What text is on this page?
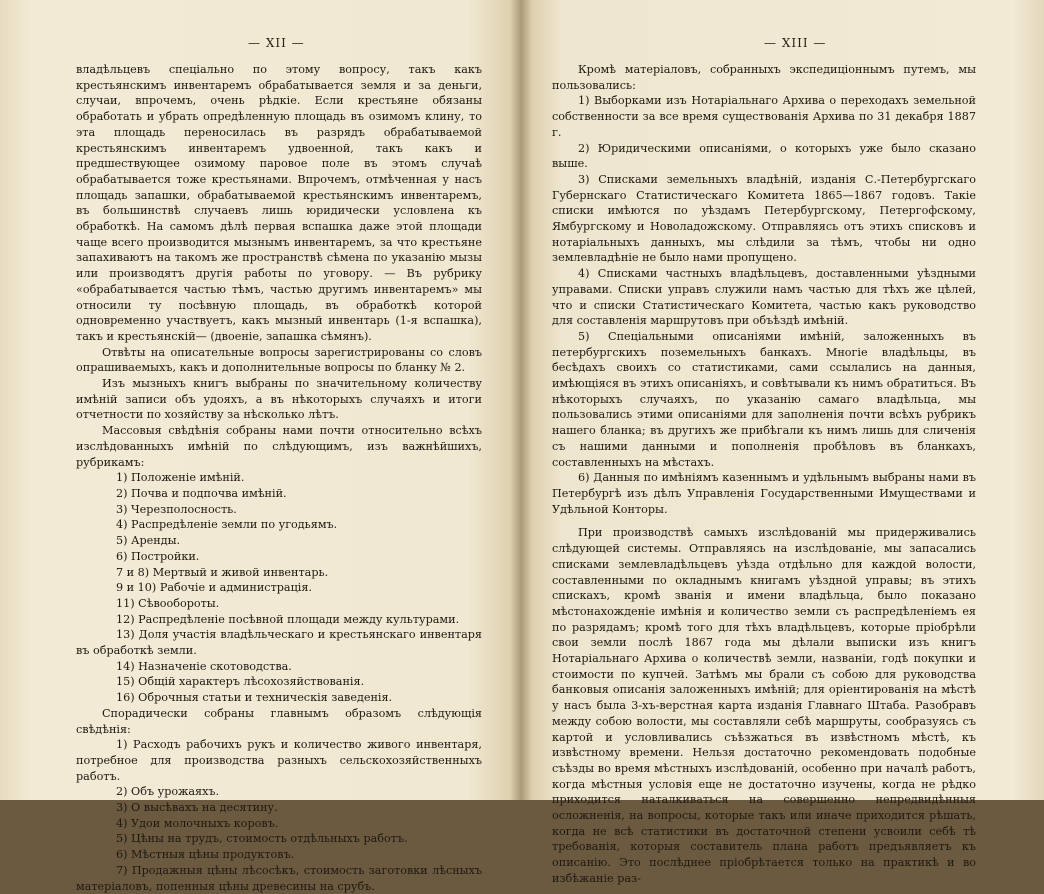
— XII —

владѣльцевъ спеціально по этому вопросу, такъ какъ крестьянскимъ инвентаремъ обрабатывается земля и за деньги, случаи, впрочемъ, очень рѣдкіе. Если крестьяне обязаны обработать и убрать опредѣленную площадь въ озимомъ клину, то эта площадь переносилась въ разрядъ обрабатываемой крестьянскимъ инвентаремъ удвоенной, такъ какъ и предшествующее озимому паровое поле въ этомъ случаѣ обрабатывается тоже крестьянами. Впрочемъ, отмѣченная у насъ площадь запашки, обрабатываемой крестьянскимъ инвентаремъ, въ большинствѣ случаевъ лишь юридически условлена къ обработкѣ. На самомъ дѣлѣ первая вспашка даже этой площади чаще всего производится мызнымъ инвентаремъ, за что крестьяне запахиваютъ на такомъ же пространствѣ сѣмена по указанію мызы или производятъ другія работы по уговору. — Въ рубрику «обрабатывается частью тѣмъ, частью другимъ инвентаремъ» мы относили ту посѣвную площадь, въ обработкѣ которой одновременно участвуетъ, какъ мызный инвентарь (1-я вспашка), такъ и крестьянскій— (двоеніе, запашка сѣмянъ).

Отвѣты на описательные вопросы зарегистрированы со словъ опрашиваемыхъ, какъ и дополнительные вопросы по бланку № 2.

Изъ мызныхъ книгъ выбраны по значительному количеству имѣній записи объ удояхъ, а въ нѣкоторыхъ случаяхъ и итоги отчетности по хозяйству за нѣсколько лѣтъ.

Массовыя свѣдѣнія собраны нами почти относительно всѣхъ изслѣдованныхъ имѣній по слѣдующимъ, изъ важнѣйшихъ, рубрикамъ:

1) Положеніе имѣній.

2) Почва и подпочва имѣній.

3) Черезполосность.

4) Распредѣленіе земли по угодьямъ.

5) Аренды.

6) Постройки.

7 и 8) Мертвый и живой инвентарь.

9 и 10) Рабочіе и администрація.

11) Сѣвообороты.

12) Распредѣленіе посѣвной площади между культурами.

13) Доля участія владѣльческаго и крестьянскаго инвентаря въ обработкѣ земли.

14) Назначеніе скотоводства.

15) Общій характеръ лѣсохозяйствованія.

16) Оброчныя статьи и техническія заведенія.

Спорадически собраны главнымъ образомъ слѣдующія свѣдѣнія:

1) Расходъ рабочихъ рукъ и количество живого инвентаря, потребное для производства разныхъ сельскохозяйственныхъ работъ.

2) Объ урожаяхъ.

3) О высѣвахъ на десятину.

4) Удои молочныхъ коровъ.

5) Цѣны на трудъ, стоимость отдѣльныхъ работъ.

6) Мѣстныя цѣны продуктовъ.

7) Продажныя цѣны лѣсосѣкъ, стоимость заготовки лѣсныхъ матеріаловъ, попенныя цѣны древесины на срубъ.

— XIII —

Кромѣ матеріаловъ, собранныхъ экспедиціоннымъ путемъ, мы пользовались:

1) Выборками изъ Нотаріальнаго Архива о переходахъ земельной собственности за все время существованія Архива по 31 декабря 1887 г.

2) Юридическими описаніями, о которыхъ уже было сказано выше.

3) Списками земельныхъ владѣній, изданія С.-Петербургскаго Губернскаго Статистическаго Комитета 1865—1867 годовъ. Такіе списки имѣются по уѣздамъ Петербургскому, Петергофскому, Ямбургскому и Новоладожскому. Отправляясь отъ этихъ списковъ и нотаріальныхъ данныхъ, мы слѣдили за тѣмъ, чтобы ни одно землевладѣніе не было нами пропущено.

4) Списками частныхъ владѣльцевъ, доставленными уѣздными управами. Списки управъ служили намъ частью для тѣхъ же цѣлей, что и списки Статистическаго Комитета, частью какъ руководство для составленія маршрутовъ при объѣздѣ имѣній.

5) Спеціальными описаніями имѣній, заложенныхъ въ петербургскихъ поземельныхъ банкахъ. Многіе владѣльцы, въ бесѣдахъ своихъ со статистиками, сами ссылались на данныя, имѣющіяся въ этихъ описаніяхъ, и совѣтывали къ нимъ обратиться. Въ нѣкоторыхъ случаяхъ, по указанію самаго владѣльца, мы пользовались этими описаніями для заполненія почти всѣхъ рубрикъ нашего бланка; въ другихъ же прибѣгали къ нимъ лишь для сличенія съ нашими данными и пополненія пробѣловъ въ бланкахъ, составленныхъ на мѣстахъ.

6) Данныя по имѣніямъ казеннымъ и удѣльнымъ выбраны нами въ Петербургѣ изъ дѣлъ Управленія Государственными Имуществами и Удѣльной Конторы.

При производствѣ самыхъ изслѣдованій мы придерживались слѣдующей системы. Отправляясь на изслѣдованіе, мы запасались списками землевладѣльцевъ уѣзда отдѣльно для каждой волости, составленными по окладнымъ книгамъ уѣздной управы; въ этихъ спискахъ, кромѣ званія и имени владѣльца, было показано мѣстонахожденіе имѣнія и количество земли съ распредѣленіемъ ея по разрядамъ; кромѣ того для тѣхъ владѣльцевъ, которые пріобрѣли свои земли послѣ 1867 года мы дѣлали выписки изъ книгъ Нотаріальнаго Архива о количествѣ земли, названіи, годѣ покупки и стоимости по купчей. Затѣмъ мы брали съ собою для руководства банковыя описанія заложенныхъ имѣній; для оріентированія на мѣстѣ у насъ была 3-хъ-верстная карта изданія Главнаго Штаба. Разобравъ между собою волости, мы составляли себѣ маршруты, сообразуясь съ картой и условливались съѣзжаться въ извѣстномъ мѣстѣ, къ извѣстному времени. Нельзя достаточно рекомендовать подобные съѣзды во время мѣстныхъ изслѣдованій, особенно при началѣ работъ, когда мѣстныя условія еще не достаточно изучены, когда не рѣдко приходится наталкиваться на совершенно непредвидѣнныя осложненія, на вопросы, которые такъ или иначе приходится рѣшать, когда не всѣ статистики въ достаточной степени усвоили себѣ тѣ требованія, которыя составитель плана работъ предъявляетъ къ описанію. Это послѣднее пріобрѣтается только на практикѣ и во избѣжаніе раз-
